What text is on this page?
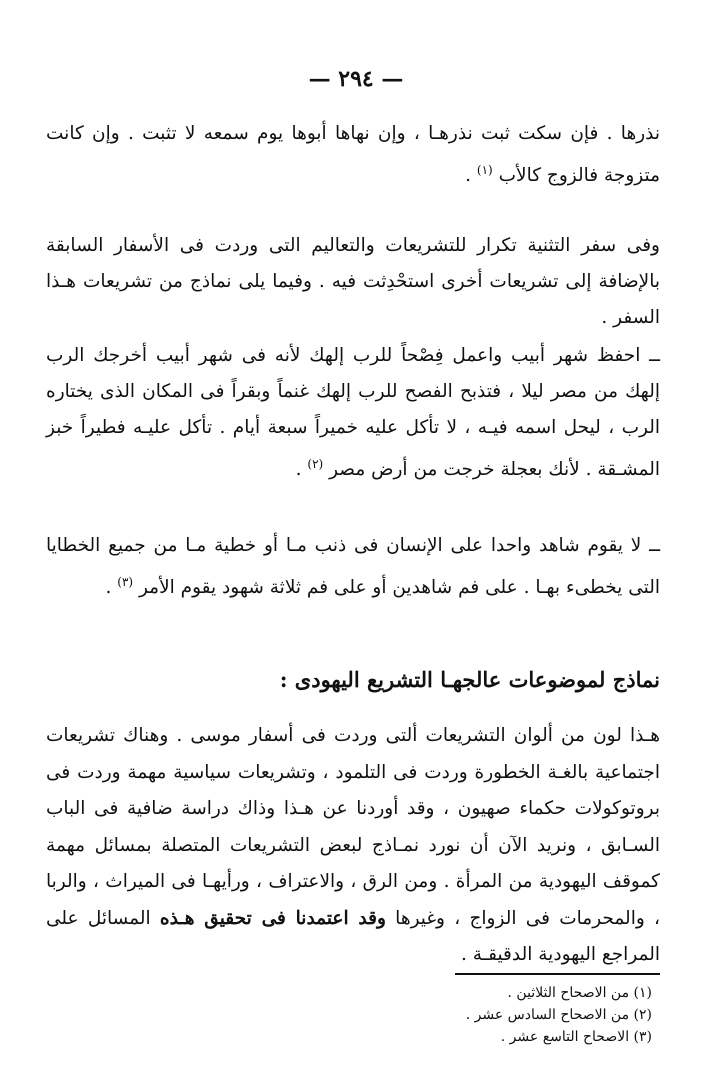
— ٢٩٤ —
نذرها . فإن سكت ثبت نذرهـا ، وإن نهاها أبوها يوم سمعه لا تثبت . وإن كانت متزوجة فالزوج كالأب $^{(١)}$ .
وفى سفر التثنية تكرار للتشريعات والتعاليم التى وردت فى الأسفار السابقة بالإضافة إلى تشريعات أخرى استحْدِثت فيه . وفيما يلى نماذج من تشريعات هـذا السفر .
ــ احفظ شهر أبيب واعمل فِصْحاً للرب إلهك لأنه فى شهر أبيب أخرجك الرب إلهك من مصر ليلا ، فتذبح الفصح للرب إلهك غنماً وبقراً فى المكان الذى يختاره الرب ، ليحل اسمه فيـه ، لا تأكل عليه خميراً سبعة أيام . تأكل عليـه فطيراً خبز المشـقة . لأنك بعجلة خرجت من أرض مصر $^{(٢)}$ .
ــ لا يقوم شاهد واحدا على الإنسان فى ذنب مـا أو خطية مـا من جميع الخطايا التى يخطىء بهـا . على فم شاهدين أو على فم ثلاثة شهود يقوم الأمر $^{(٣)}$ .
نماذج لموضوعات عالجهـا التشريع اليهودى :
هـذا لون من ألوان التشريعات ألتى وردت فى أسفار موسى . وهناك تشريعات اجتماعية بالغـة الخطورة وردت فى التلمود ، وتشريعات سياسية مهمة وردت فى بروتوكولات حكماء صهيون ، وقد أوردنا عن هـذا وذاك دراسة ضافية فى الباب السـابق ، ونريد الآن أن نورد نمـاذج لبعض التشريعات المتصلة بمسائل مهمة كموقف اليهودية من المرأة . ومن الرق ، والاعتراف ، ورأيهـا فى الميراث ، والربا ، والمحرمات فى الزواج ، وغيرها وقد اعتمدنا فى تحقيق هـذه المسائل على المراجع اليهودية الدقيقـة .
(١) من الاصحاح الثلاثين .
(٢) من الاصحاح السادس عشر .
(٣) الاصحاح التاسع عشر .
